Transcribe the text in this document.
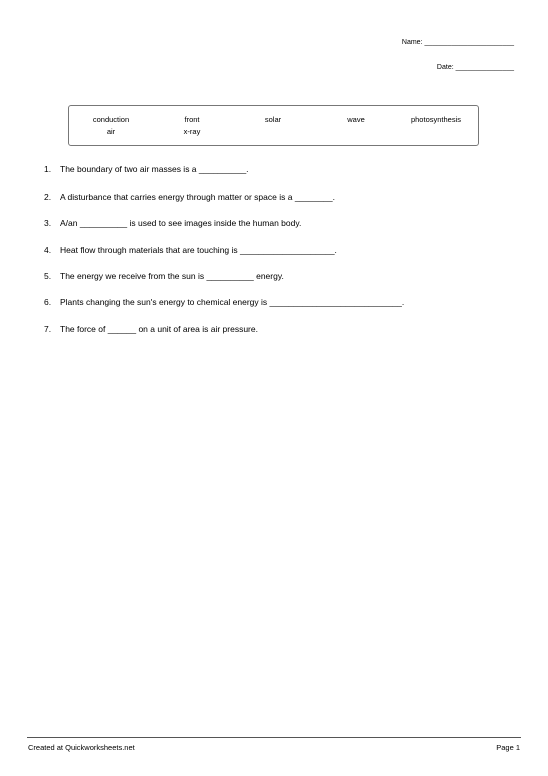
Name: _______________________
Date: _______________
conduction	front	solar	wave	photosynthesis
air	x-ray
1. The boundary of two air masses is a __________.
2. A disturbance that carries energy through matter or space is a ________.
3. A/an __________ is used to see images inside the human body.
4. Heat flow through materials that are touching is ____________________.
5. The energy we receive from the sun is __________ energy.
6. Plants changing the sun's energy to chemical energy is ____________________________.
7. The force of ______ on a unit of area is air pressure.
Created at Quickworksheets.net	Page 1
